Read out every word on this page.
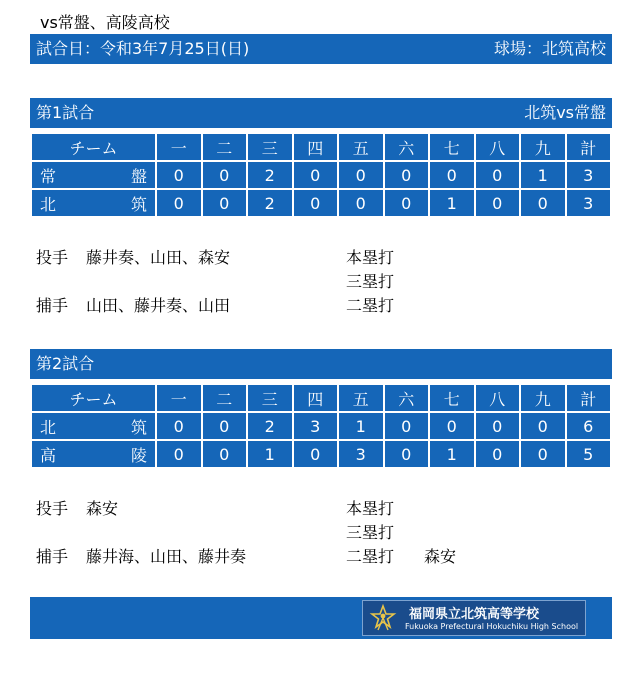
vs常盤、高陵高校
試合日：令和3年7月25日(日)	球場：北筑高校
第1試合	北筑vs常盤
チーム	一	二	三	四	五	六	七	八	九	計

常 盤	0	0	2	0	0	0	0	0	1	3

北 筑	0	0	2	0	0	0	1	0	0	3
投手 藤井奏、山田、森安
捕手 山田、藤井奏、山田
本塁打
三塁打
二塁打
第2試合
チーム	一	二	三	四	五	六	七	八	九	計

北 筑	0	0	2	3	1	0	0	0	0	6

高 陵	0	0	1	0	3	0	1	0	0	5
投手 森安
捕手 藤井海、山田、藤井奏
本塁打
三塁打
二塁打 森安
福岡県立北筑高等学校
Fukuoka Prefectural Hokuchiku High School
